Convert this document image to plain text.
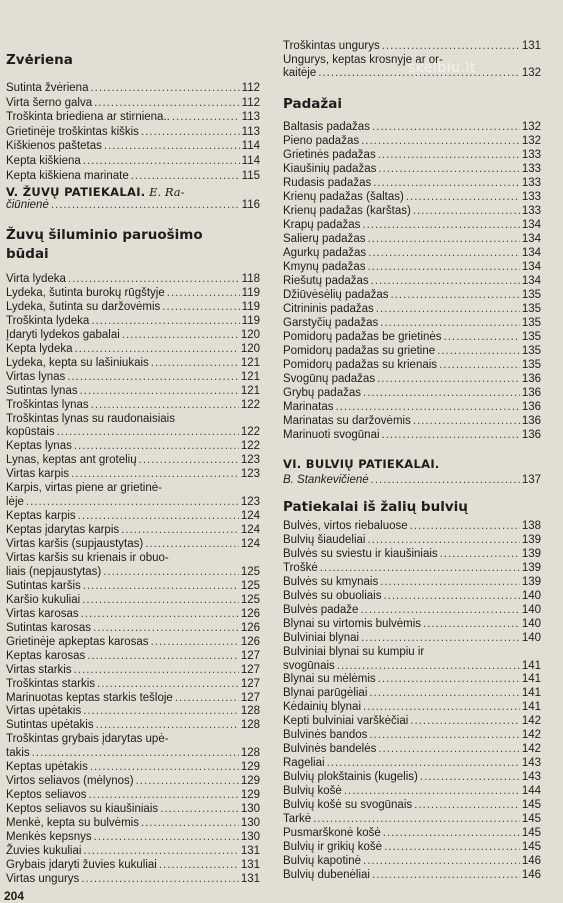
Zvėriena
Sutinta žvėriena .....	112
Virta šerno galva .....	112
Troškinta briediena ar stirniena.. .....	113
Grietinėje troškintas kiškis .....	113
Kiškienos paštetas .....	114
Kepta kiškiena .....	114
Kepta kiškiena marinate .....	115
V. ŽUVŲ PATIEKALAI. E. Ra-
čiūnienė .....	116
Žuvų šiluminio paruošimo
būdai
Virta lydeka .....	118
Lydeka, šutinta burokų rūgštyje .....	119
Lydeka, šutinta su daržovėmis .....	119
Troškinta lydeka .....	119
Įdaryti lydekos gabalai .....	120
Kepta lydeka .....	120
Lydeka, kepta su lašiniukais .....	121
Virtas lynas .....	121
Sutintas lynas .....	121
Troškintas lynas .....	122
Troškintas lynas su raudonaisiais
kopūstais .....	122
Keptas lynas .....	122
Lynas, keptas ant grotelių .....	123
Virtas karpis .....	123
Karpis, virtas piene ar grietinė-
lėje .....	123
Keptas karpis .....	124
Keptas įdarytas karpis .....	124
Virtas karšis (supjaustytas) .....	124
Virtas karšis su krienais ir obuo-
liais (nepjaustytas) .....	125
Sutintas karšis .....	125
Karšio kukuliai .....	125
Virtas karosas .....	126
Sutintas karosas .....	126
Grietinėje apkeptas karosas .....	126
Keptas karosas .....	127
Virtas starkis .....	127
Troškintas starkis .....	127
Marinuotas keptas starkis tešloje .....	127
Virtas upėtakis .....	128
Sutintas upėtakis .....	128
Troškintas grybais įdarytas upė-
takis .....	128
Keptas upėtakis .....	129
Virtos seliavos (mėlynos) .....	129
Keptos seliavos .....	129
Keptos seliavos su kiaušiniais .....	130
Menkė, kepta su bulvėmis .....	130
Menkės kepsnys .....	130
Žuvies kukuliai .....	131
Grybais įdaryti žuvies kukuliai .....	131
Virtas ungurys .....	131
Troškintas ungurys .....	131
Ungurys, keptas krosnyje ar or-
kaitėje .....	132
Padažai
Baltasis padažas .....	132
Pieno padažas .....	132
Grietinės padažas .....	133
Kiaušinių padažas .....	133
Rudasis padažas .....	133
Krienų padažas (šaltas) .....	133
Krienų padažas (karštas) .....	133
Krapų padažas .....	134
Salierų padažas .....	134
Agurkų padažas .....	134
Kmynų padažas .....	134
Riešutų padažas .....	134
Džiūvėsėlių padažas .....	135
Citrininis padažas .....	135
Garstyčių padažas .....	135
Pomidorų padažas be grietinės .....	135
Pomidorų padažas su grietine .....	135
Pomidorų padažas su krienais .....	135
Svogūnų padažas .....	136
Grybų padažas .....	136
Marinatas .....	136
Marinatas su daržovėmis .....	136
Marinuoti svogūnai .....	136
VI. BULVIŲ PATIEKALAI.
B. Stankevičienė .....	137
Patiekalai iš žalių bulvių
Bulvės, virtos riebaluose .....	138
Bulvių šiaudeliai .....	139
Bulvės su sviestu ir kiaušiniais .....	139
Troškė .....	139
Bulvės su kmynais .....	139
Bulvės su obuoliais .....	140
Bulvės padaže .....	140
Blynai su virtomis bulvėmis .....	140
Bulviniai blynai .....	140
Bulviniai blynai su kumpiu ir
svogūnais .....	141
Blynai su mėlėmis .....	141
Blynai parūgėliai .....	141
Kėdainių blynai .....	141
Kepti bulviniai varškėčiai .....	142
Bulvinės bandos .....	142
Bulvinės bandelės .....	142
Rageliai .....	143
Bulvių plokštainis (kugelis) .....	143
Bulvių košė .....	144
Bulvių košė su svogūnais .....	145
Tarkė .....	145
Pusmarškonė košė .....	145
Bulvių ir grikių košė .....	145
Bulvių kapotinė .....	146
Bulvių dubenėliai .....	146
204
skelbiu.lt
